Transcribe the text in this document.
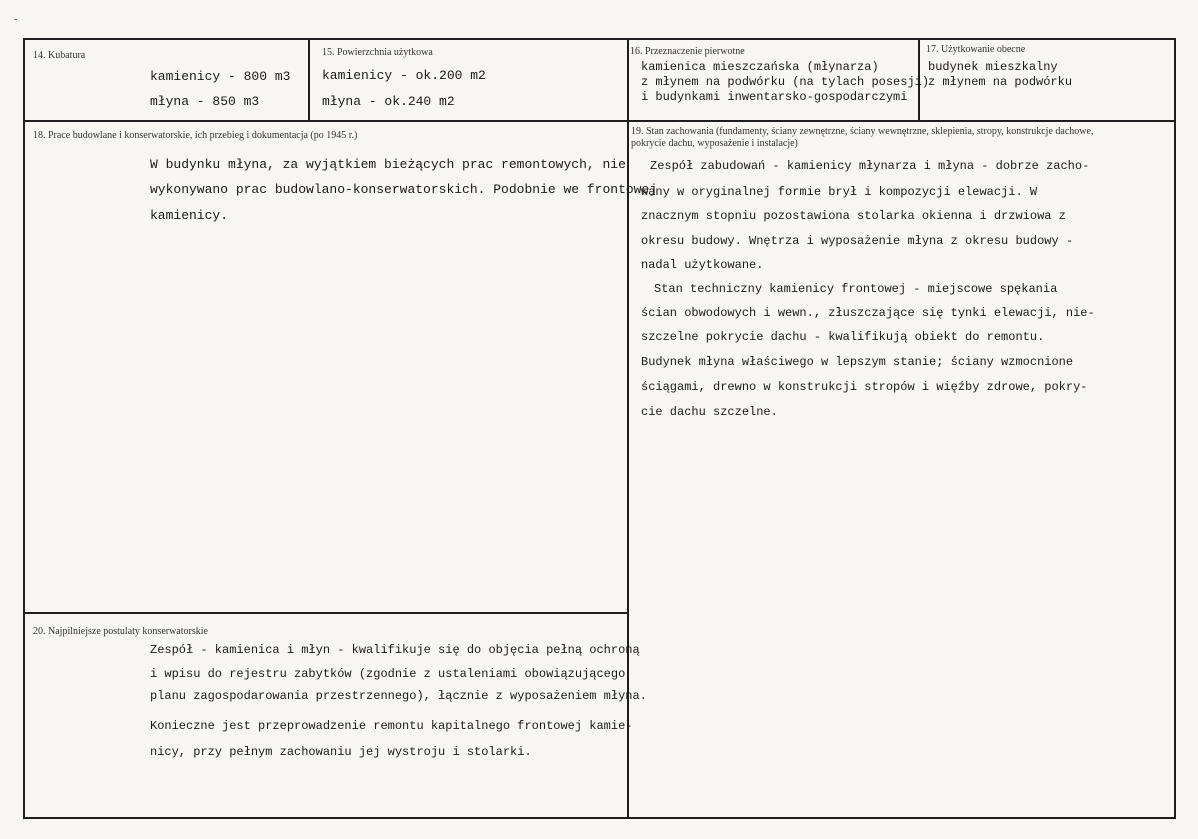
-
14. Kubatura
kamienicy - 800 m3
młyna - 850 m3
15. Powierzchnia użytkowa
kamienicy - ok.200 m2
młyna - ok.240 m2
16. Przeznaczenie pierwotne
kamienica mieszczańska (młynarza)
z młynem na podwórku (na tylach posesji)
i budynkami inwentarsko-gospodarczymi
17. Użytkowanie obecne
budynek mieszkalny
z młynem na podwórku
18. Prace budowlane i konserwatorskie, ich przebieg i dokumentacja (po 1945 r.)
W budynku młyna, za wyjątkiem bieżących prac remontowych, nie
wykonywano prac budowlano-konserwatorskich. Podobnie we frontowej
kamienicy.
19. Stan zachowania (fundamenty, ściany zewnętrzne, ściany wewnętrzne, sklepienia, stropy, konstrukcje dachowe,
pokrycie dachu, wyposażenie i instalacje)
Zespół zabudowań - kamienicy młynarza i młyna - dobrze zacho-
wany w oryginalnej formie brył i kompozycji elewacji. W
znacznym stopniu pozostawiona stolarka okienna i drzwiowa z
okresu budowy. Wnętrza i wyposażenie młyna z okresu budowy -
nadal użytkowane.
Stan techniczny kamienicy frontowej - miejscowe spękania
ścian obwodowych i wewn., złuszczające się tynki elewacji, nie-
szczelne pokrycie dachu - kwalifikują obiekt do remontu.
Budynek młyna właściwego w lepszym stanie; ściany wzmocnione
ściągami, drewno w konstrukcji stropów i więźby zdrowe, pokry-
cie dachu szczelne.
20. Najpilniejsze postulaty konserwatorskie
Zespół - kamienica i młyn - kwalifikuje się do objęcia pełną ochroną
i wpisu do rejestru zabytków (zgodnie z ustaleniami obowiązującego
planu zagospodarowania przestrzennego), łącznie z wyposażeniem młyna.
Konieczne jest przeprowadzenie remontu kapitalnego frontowej kamie-
nicy, przy pełnym zachowaniu jej wystroju i stolarki.
